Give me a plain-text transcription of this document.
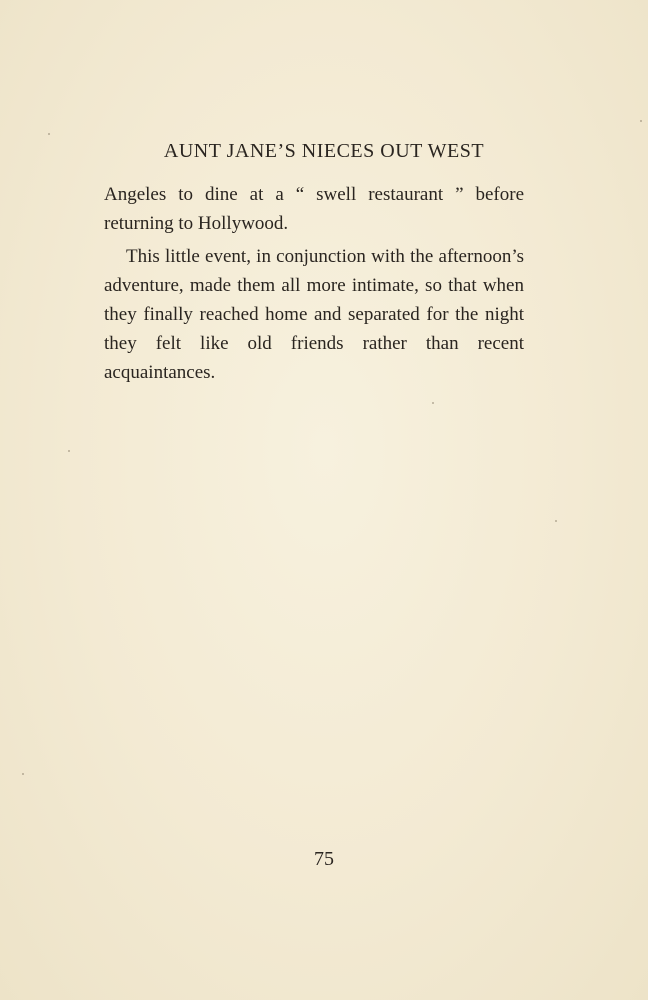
AUNT JANE’S NIECES OUT WEST

Angeles to dine at a “ swell restaurant ” before returning to Hollywood.

This little event, in conjunction with the afternoon’s adventure, made them all more intimate, so that when they finally reached home and separated for the night they felt like old friends rather than recent acquaintances.

75
